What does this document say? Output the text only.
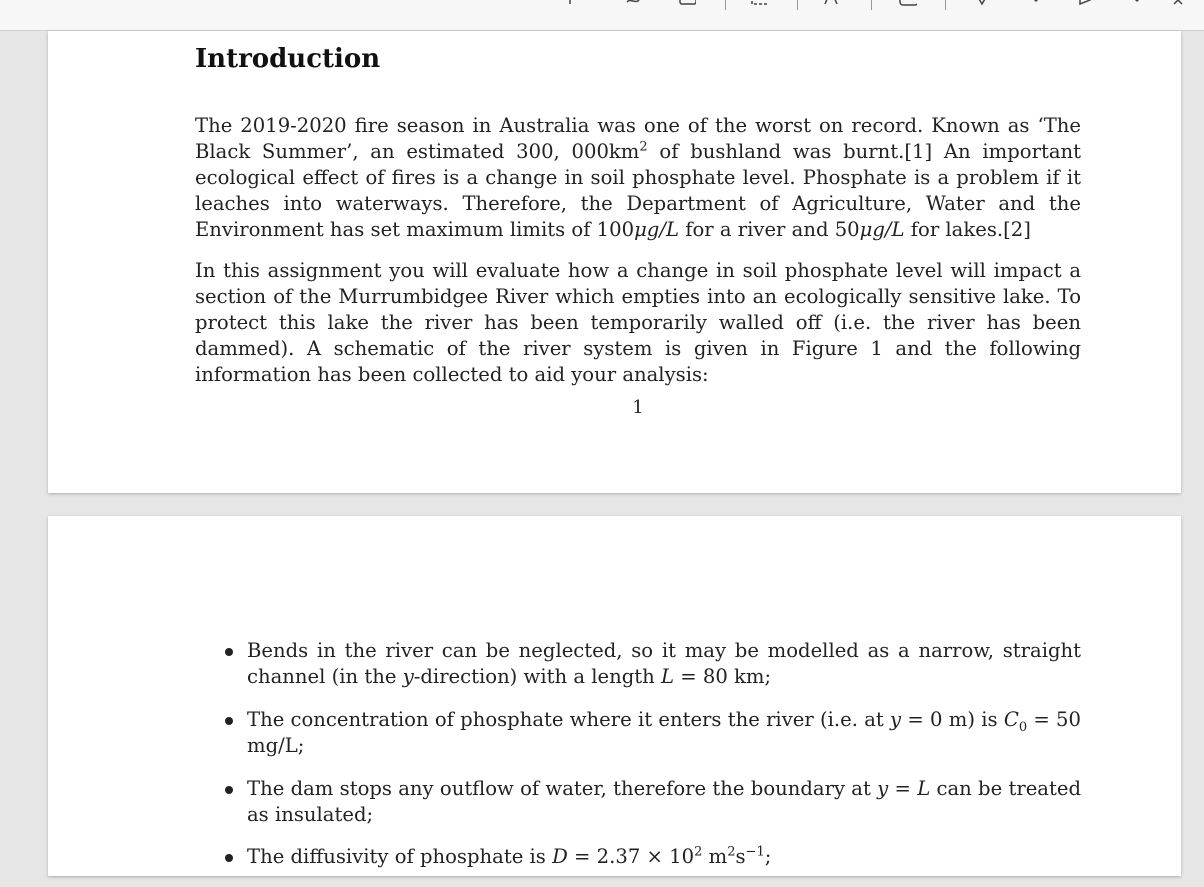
Introduction

The 2019-2020 fire season in Australia was one of the worst on record. Known as ‘The Black Summer’, an estimated 300, $000km^2$ of bushland was burnt.[1] An important ecological effect of fires is a change in soil phosphate level. Phosphate is a problem if it leaches into waterways. Therefore, the Department of Agriculture, Water and the Environment has set maximum limits of 100μg/L for a river and 50μg/L for lakes.[2]

In this assignment you will evaluate how a change in soil phosphate level will impact a section of the Murrumbidgee River which empties into an ecologically sensitive lake. To protect this lake the river has been temporarily walled off (i.e. the river has been dammed). A schematic of the river system is given in Figure 1 and the following information has been collected to aid your analysis:

1
Bends in the river can be neglected, so it may be modelled as a narrow, straight channel (in the y-direction) with a length L = 80 km;
The concentration of phosphate where it enters the river (i.e. at y = 0 m) is $C_0 = 50$ mg/L;
The dam stops any outflow of water, therefore the boundary at y = L can be treated as insulated;
The diffusivity of phosphate is $D = 2.37 \times 10^2$ $m^2s^{-1}$;
